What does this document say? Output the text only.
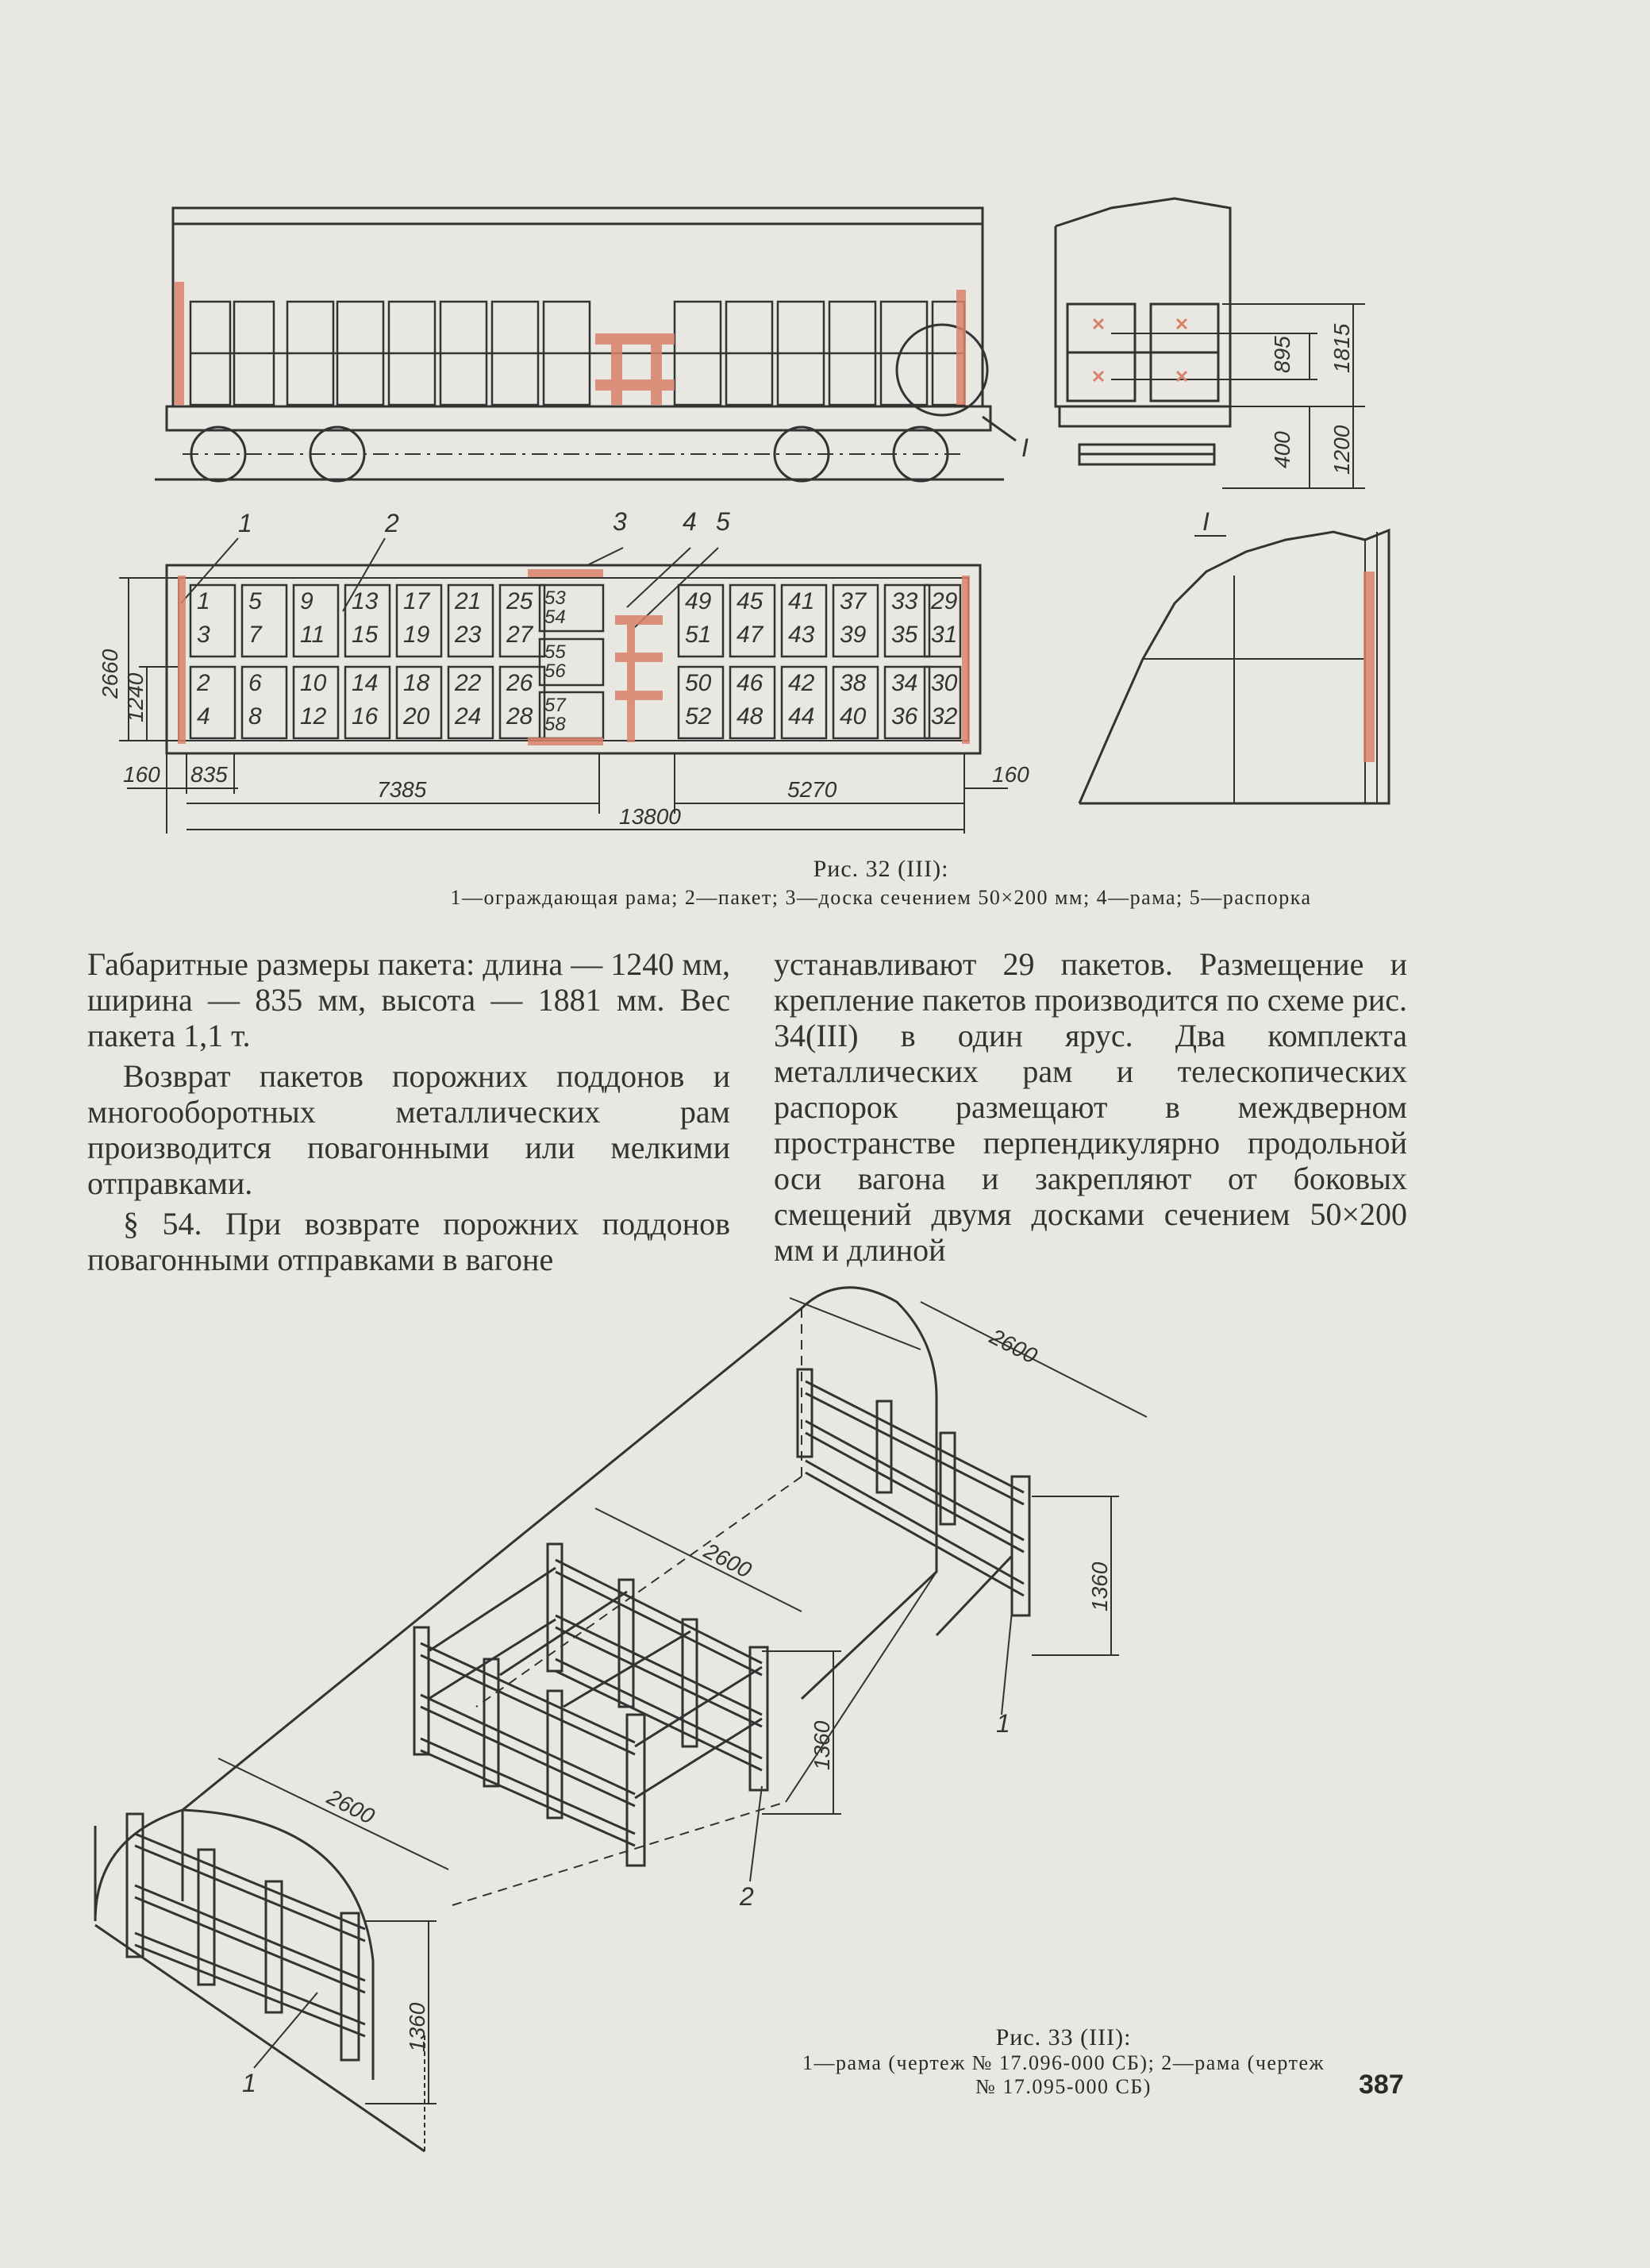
1	2	3 4 5
I
I
895 1815
400 1200
2660 1240
160 835
7385	5270
160
13800
1
3
5
7
9
11
13
15
17
19
21
23
25
27
2
4
6
8
10
12
14
16
18
20
22
24
26
28
53
54
55
56
57
58
49
51
45
47
41
43
37
39
33
35
29
31
50
52
46
48
42
44
38
40
34
36
30
32
Рис. 32 (III):
1—ограждающая рама; 2—пакет; 3—доска сечением 50×200 мм; 4—рама; 5—распорка

Габаритные размеры пакета: длина — 1240 мм, ширина — 835 мм, высота — 1881 мм. Вес пакета 1,1 т.

Возврат пакетов порожних поддонов и многооборотных металлических рам производится повагонными или мелкими отправками.

§ 54. При возврате порожних поддонов повагонными отправками в вагоне

устанавливают 29 пакетов. Размещение и крепление пакетов производится по схеме рис. 34(III) в один ярус. Два комплекта металлических рам и телескопических распорок размещают в междверном пространстве перпендикулярно продольной оси вагона и закрепляют от боковых смещений двумя досками сечением 50×200 мм и длиной

2600
2600
2600
1360
1360
1360
1
2
1
Рис. 33 (III):
1—рама (чертеж № 17.096-000 СБ); 2—рама (чертеж
№ 17.095-000 СБ)	387
